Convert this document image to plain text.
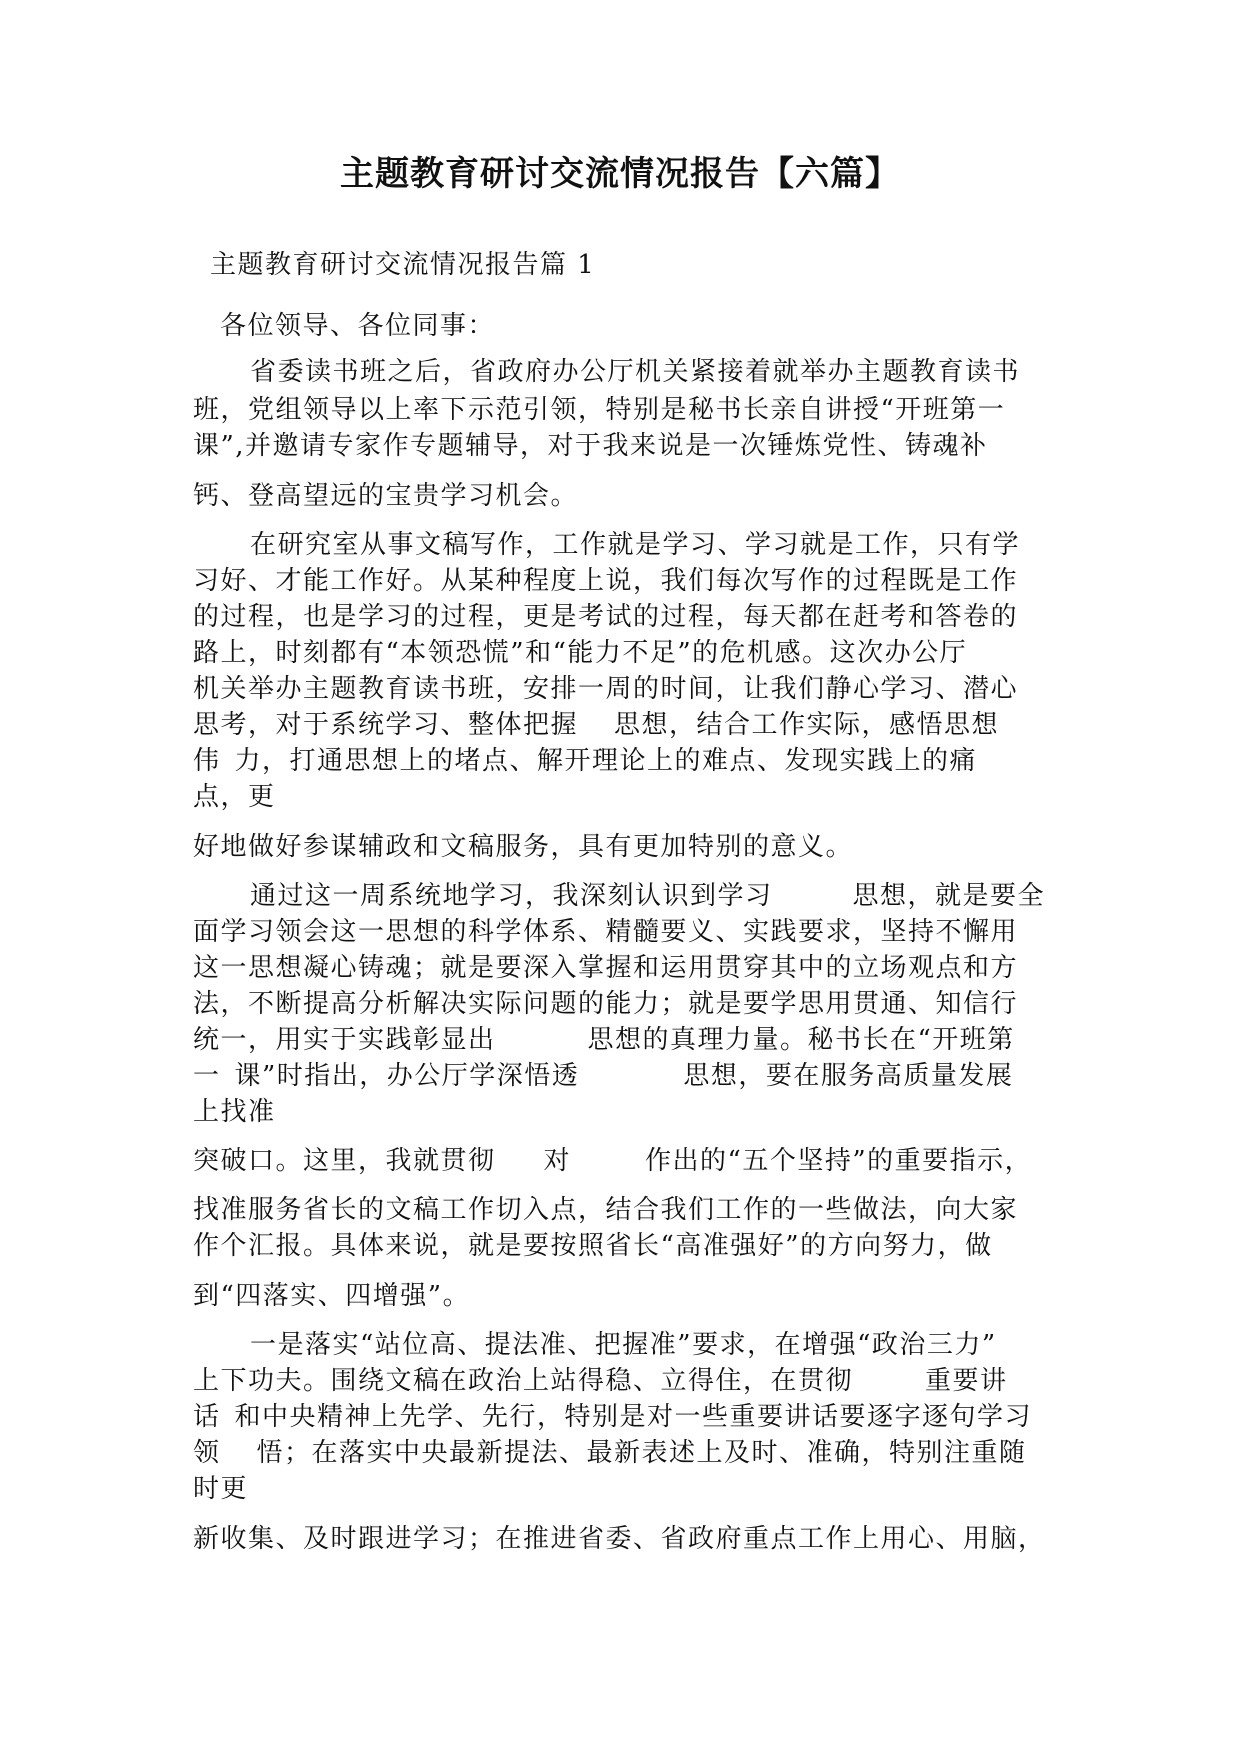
主题教育研讨交流情况报告【六篇】
主题教育研讨交流情况报告篇 1
各位领导、各位同事：
省委读书班之后，省政府办公厅机关紧接着就举办主题教育读书
班，党组领导以上率下示范引领，特别是秘书长亲自讲授“开班第一
课”,并邀请专家作专题辅导，对于我来说是一次锤炼党性、铸魂补
钙、登高望远的宝贵学习机会。
在研究室从事文稿写作，工作就是学习、学习就是工作，只有学
习好、才能工作好。从某种程度上说，我们每次写作的过程既是工作
的过程，也是学习的过程，更是考试的过程，每天都在赶考和答卷的
路上，时刻都有“本领恐慌”和“能力不足”的危机感。这次办公厅
机关举办主题教育读书班，安排一周的时间，让我们静心学习、潜心
思考，对于系统学习、整体把握 思想，结合工作实际，感悟思想
伟 力，打通思想上的堵点、解开理论上的难点、发现实践上的痛
点，更
好地做好参谋辅政和文稿服务，具有更加特别的意义。
通过这一周系统地学习，我深刻认识到学习	思想，就是要全
面学习领会这一思想的科学体系、精髓要义、实践要求，坚持不懈用
这一思想凝心铸魂；就是要深入掌握和运用贯穿其中的立场观点和方
法，不断提高分析解决实际问题的能力；就是要学思用贯通、知信行
统一，用实于实践彰显出	思想的真理力量。秘书长在“开班第
一 课”时指出，办公厅学深悟透	思想，要在服务高质量发展
上找准
突破口。这里，我就贯彻 对	作出的“五个坚持”的重要指示，
找准服务省长的文稿工作切入点，结合我们工作的一些做法，向大家
作个汇报。具体来说，就是要按照省长“高准强好”的方向努力，做
到“四落实、四增强”。
一是落实“站位高、提法准、把握准”要求，在增强“政治三力”
上下功夫。围绕文稿在政治上站得稳、立得住，在贯彻	重要讲
话 和中央精神上先学、先行，特别是对一些重要讲话要逐字逐句学习
领 悟；在落实中央最新提法、最新表述上及时、准确，特别注重随
时更
新收集、及时跟进学习；在推进省委、省政府重点工作上用心、用脑，
